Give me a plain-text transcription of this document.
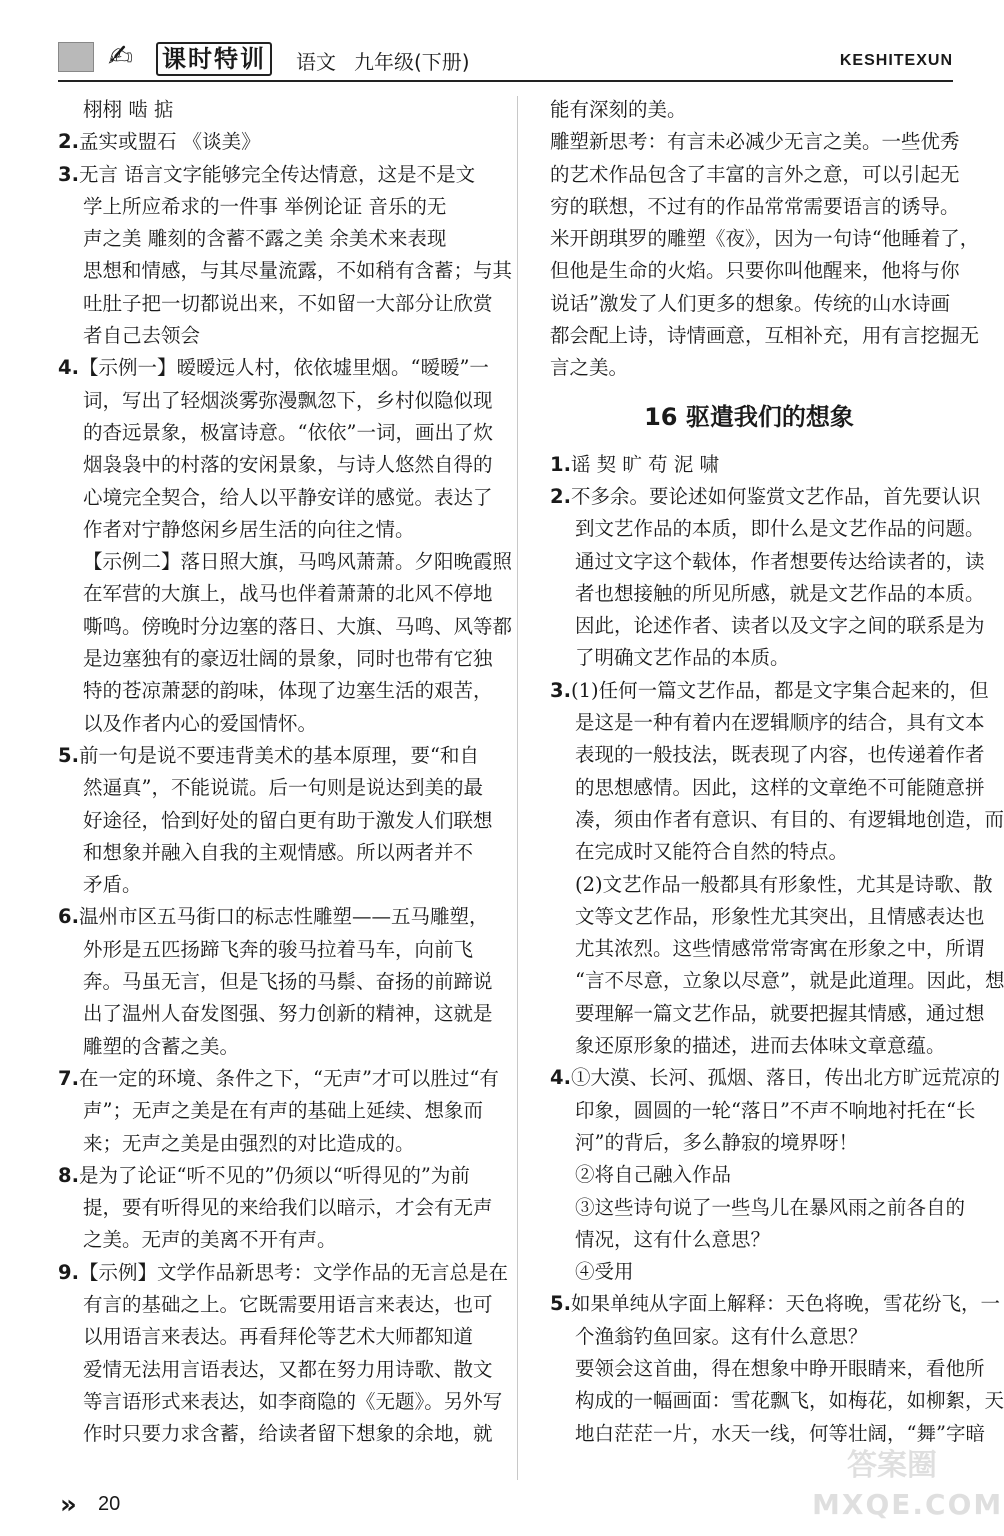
✍	课时特训	语文 九年级(下册)	KESHITEXUN
栩栩 啮 掂
2.孟实或盟石 《谈美》
3.无言 语言文字能够完全传达情意，这是不是文
学上所应希求的一件事 举例论证 音乐的无
声之美 雕刻的含蓄不露之美 余美术来表现
思想和情感，与其尽量流露，不如稍有含蓄；与其
吐肚子把一切都说出来，不如留一大部分让欣赏
者自己去领会
4.【示例一】暧暧远人村，依依墟里烟。“暧暧”一
词，写出了轻烟淡雾弥漫飘忽下，乡村似隐似现
的杳远景象，极富诗意。“依依”一词，画出了炊
烟袅袅中的村落的安闲景象，与诗人悠然自得的
心境完全契合，给人以平静安详的感觉。表达了
作者对宁静悠闲乡居生活的向往之情。
【示例二】落日照大旗，马鸣风萧萧。夕阳晚霞照
在军营的大旗上，战马也伴着萧萧的北风不停地
嘶鸣。傍晚时分边塞的落日、大旗、马鸣、风等都
是边塞独有的豪迈壮阔的景象，同时也带有它独
特的苍凉萧瑟的韵味，体现了边塞生活的艰苦，
以及作者内心的爱国情怀。
5.前一句是说不要违背美术的基本原理，要“和自
然逼真”，不能说谎。后一句则是说达到美的最
好途径，恰到好处的留白更有助于激发人们联想
和想象并融入自我的主观情感。所以两者并不
矛盾。
6.温州市区五马街口的标志性雕塑——五马雕塑，
外形是五匹扬蹄飞奔的骏马拉着马车，向前飞
奔。马虽无言，但是飞扬的马鬃、奋扬的前蹄说
出了温州人奋发图强、努力创新的精神，这就是
雕塑的含蓄之美。
7.在一定的环境、条件之下，“无声”才可以胜过“有
声”；无声之美是在有声的基础上延续、想象而
来；无声之美是由强烈的对比造成的。
8.是为了论证“听不见的”仍须以“听得见的”为前
提，要有听得见的来给我们以暗示，才会有无声
之美。无声的美离不开有声。
9.【示例】文学作品新思考：文学作品的无言总是在
有言的基础之上。它既需要用语言来表达，也可
以用语言来表达。再看拜伦等艺术大师都知道
爱情无法用言语表达，又都在努力用诗歌、散文
等言语形式来表达，如李商隐的《无题》。另外写
作时只要力求含蓄，给读者留下想象的余地，就
能有深刻的美。
雕塑新思考：有言未必减少无言之美。一些优秀
的艺术作品包含了丰富的言外之意，可以引起无
穷的联想，不过有的作品常常需要语言的诱导。
米开朗琪罗的雕塑《夜》，因为一句诗“他睡着了，
但他是生命的火焰。只要你叫他醒来，他将与你
说话”激发了人们更多的想象。传统的山水诗画
都会配上诗，诗情画意，互相补充，用有言挖掘无
言之美。
16 驱遣我们的想象
1.谣 契 旷 苟 泥 啸
2.不多余。要论述如何鉴赏文艺作品，首先要认识
到文艺作品的本质，即什么是文艺作品的问题。
通过文字这个载体，作者想要传达给读者的，读
者也想接触的所见所感，就是文艺作品的本质。
因此，论述作者、读者以及文字之间的联系是为
了明确文艺作品的本质。
3.(1)任何一篇文艺作品，都是文字集合起来的，但
是这是一种有着内在逻辑顺序的结合，具有文本
表现的一般技法，既表现了内容，也传递着作者
的思想感情。因此，这样的文章绝不可能随意拼
凑，须由作者有意识、有目的、有逻辑地创造，而
在完成时又能符合自然的特点。
(2)文艺作品一般都具有形象性，尤其是诗歌、散
文等文艺作品，形象性尤其突出，且情感表达也
尤其浓烈。这些情感常常寄寓在形象之中，所谓
“言不尽意，立象以尽意”，就是此道理。因此，想
要理解一篇文艺作品，就要把握其情感，通过想
象还原形象的描述，进而去体味文章意蕴。
4.①大漠、长河、孤烟、落日，传出北方旷远荒凉的
印象，圆圆的一轮“落日”不声不响地衬托在“长
河”的背后，多么静寂的境界呀！
②将自己融入作品
③这些诗句说了一些鸟儿在暴风雨之前各自的
情况，这有什么意思？
④受用
5.如果单纯从字面上解释：天色将晚，雪花纷飞，一
个渔翁钓鱼回家。这有什么意思？
要领会这首曲，得在想象中睁开眼睛来，看他所
构成的一幅画面：雪花飘飞，如梅花，如柳絮，天
地白茫茫一片，水天一线，何等壮阔，“舞”字暗
» 20
答案圈
MXQE.COM
